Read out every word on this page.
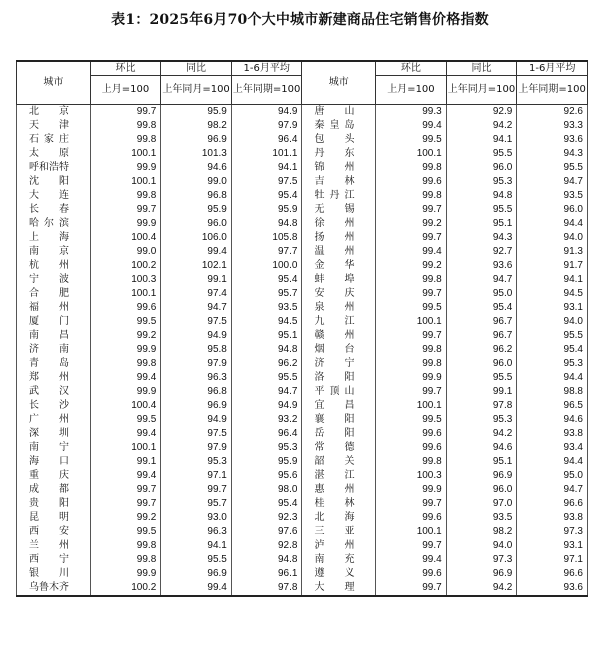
表1：2025年6月70个大中城市新建商品住宅销售价格指数
城市	环比	同比	1-6月平均	城市	环比	同比	1-6月平均
	上月=100	上年同月=100	上年同期=100		上月=100	上年同月=100	上年同期=100
北京	99.7	95.9	94.9	唐山	99.3	92.9	92.6
天津	99.8	98.2	97.9	秦皇岛	99.4	94.2	93.3
石家庄	99.8	96.9	96.4	包头	99.5	94.1	93.6
太原	100.1	101.3	101.1	丹东	100.1	95.5	94.3
呼和浩特	99.9	94.6	94.1	锦州	99.8	96.0	95.5
沈阳	100.1	99.0	97.5	吉林	99.6	95.3	94.7
大连	99.8	96.8	95.4	牡丹江	99.8	94.8	93.5
长春	99.7	95.9	95.9	无锡	99.7	95.5	96.0
哈尔滨	99.9	96.0	94.8	徐州	99.2	95.1	94.4
上海	100.4	106.0	105.8	扬州	99.7	94.3	94.0
南京	99.0	99.4	97.7	温州	99.4	92.7	91.3
杭州	100.2	102.1	100.0	金华	99.2	93.6	91.7
宁波	100.3	99.1	95.4	蚌埠	99.8	94.7	94.1
合肥	100.1	97.4	95.7	安庆	99.7	95.0	94.5
福州	99.6	94.7	93.5	泉州	99.5	95.4	93.1
厦门	99.5	97.5	94.5	九江	100.1	96.7	94.0
南昌	99.2	94.9	95.1	赣州	99.7	96.7	95.5
济南	99.9	95.8	94.8	烟台	99.8	96.2	95.4
青岛	99.8	97.9	96.2	济宁	99.8	96.0	95.3
郑州	99.4	96.3	95.5	洛阳	99.9	95.5	94.4
武汉	99.9	96.8	94.7	平顶山	99.7	99.1	98.8
长沙	100.4	96.9	94.9	宜昌	100.1	97.8	96.5
广州	99.5	94.9	93.2	襄阳	99.5	95.3	94.6
深圳	99.4	97.5	96.4	岳阳	99.6	94.2	93.8
南宁	100.1	97.9	95.3	常德	99.6	94.6	93.4
海口	99.1	95.3	95.9	韶关	99.8	95.1	94.4
重庆	99.4	97.1	95.6	湛江	100.3	96.9	95.0
成都	99.7	99.7	98.0	惠州	99.9	96.0	94.7
贵阳	99.7	95.7	95.4	桂林	99.7	97.0	96.6
昆明	99.2	93.0	92.3	北海	99.6	93.5	93.8
西安	99.5	96.3	97.6	三亚	100.1	98.2	97.3
兰州	99.8	94.1	92.8	泸州	99.7	94.0	93.1
西宁	99.8	95.5	94.8	南充	99.4	97.3	97.1
银川	99.9	96.9	96.1	遵义	99.6	96.9	96.6
乌鲁木齐	100.2	99.4	97.8	大理	99.7	94.2	93.6
